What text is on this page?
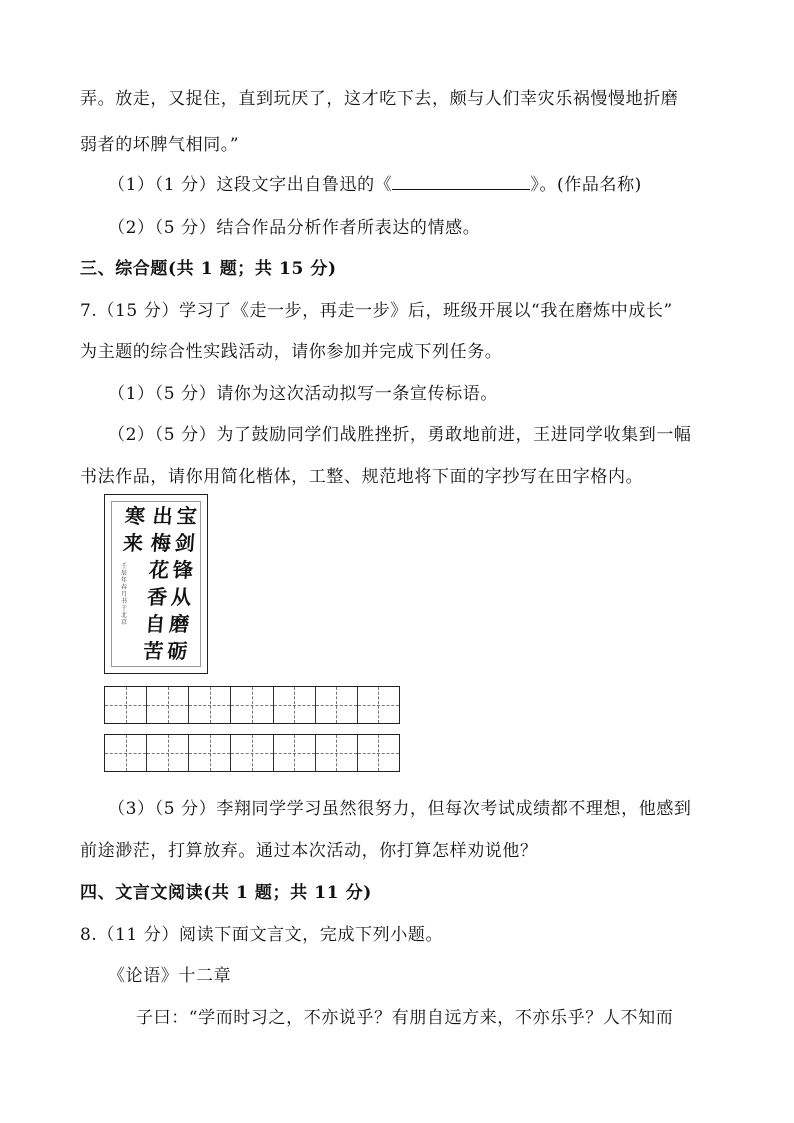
弄。放走，又捉住，直到玩厌了，这才吃下去，颇与人们幸灾乐祸慢慢地折磨
弱者的坏脾气相同。”
（1）（1 分）这段文字出自鲁迅的《	》。(作品名称)
（2）（5 分）结合作品分析作者所表达的情感。
三、综合题(共 1 题；共 15 分)
7.（15 分）学习了《走一步，再走一步》后，班级开展以“我在磨炼中成长”
为主题的综合性实践活动，请你参加并完成下列任务。
（1）（5 分）请你为这次活动拟写一条宣传标语。
（2）（5 分）为了鼓励同学们战胜挫折，勇敢地前进，王进同学收集到一幅
书法作品，请你用简化楷体，工整、规范地将下面的字抄写在田字格内。
宝剑锋从磨砺
出梅花香自苦
寒来
壬辰年春月书于北京
（3）（5 分）李翔同学学习虽然很努力，但每次考试成绩都不理想，他感到
前途渺茫，打算放弃。通过本次活动，你打算怎样劝说他？
四、文言文阅读(共 1 题；共 11 分)
8.（11 分）阅读下面文言文，完成下列小题。
《论语》十二章
子曰：“学而时习之，不亦说乎？有朋自远方来，不亦乐乎？人不知而
